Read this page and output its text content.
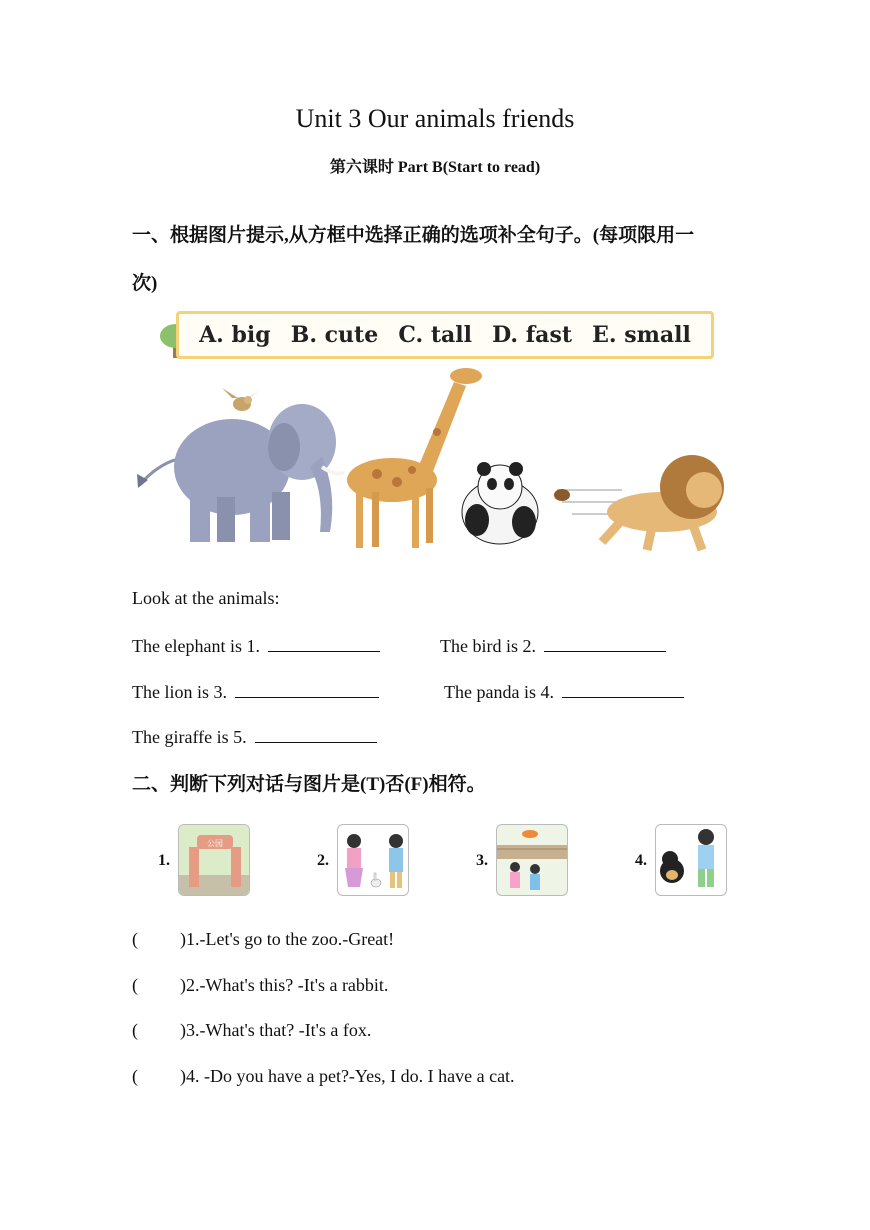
Unit 3 Our animals friends
第六课时 Part B(Start to read)
一、根据图片提示,从方框中选择正确的选项补全句子。(每项限用一
次)
A. big B. cute C. tall D. fast E. small
Look at the animals:
The elephant is 1.	The bird is 2.
The lion is 3.	The panda is 4.
The giraffe is 5.
二、判断下列对话与图片是(T)否(F)相符。
1.
公园
2.	3.	4.
( )1.-Let's go to the zoo.-Great!
( )2.-What's this? -It's a rabbit.
( )3.-What's that? -It's a fox.
( )4. -Do you have a pet?-Yes, I do. I have a cat.
